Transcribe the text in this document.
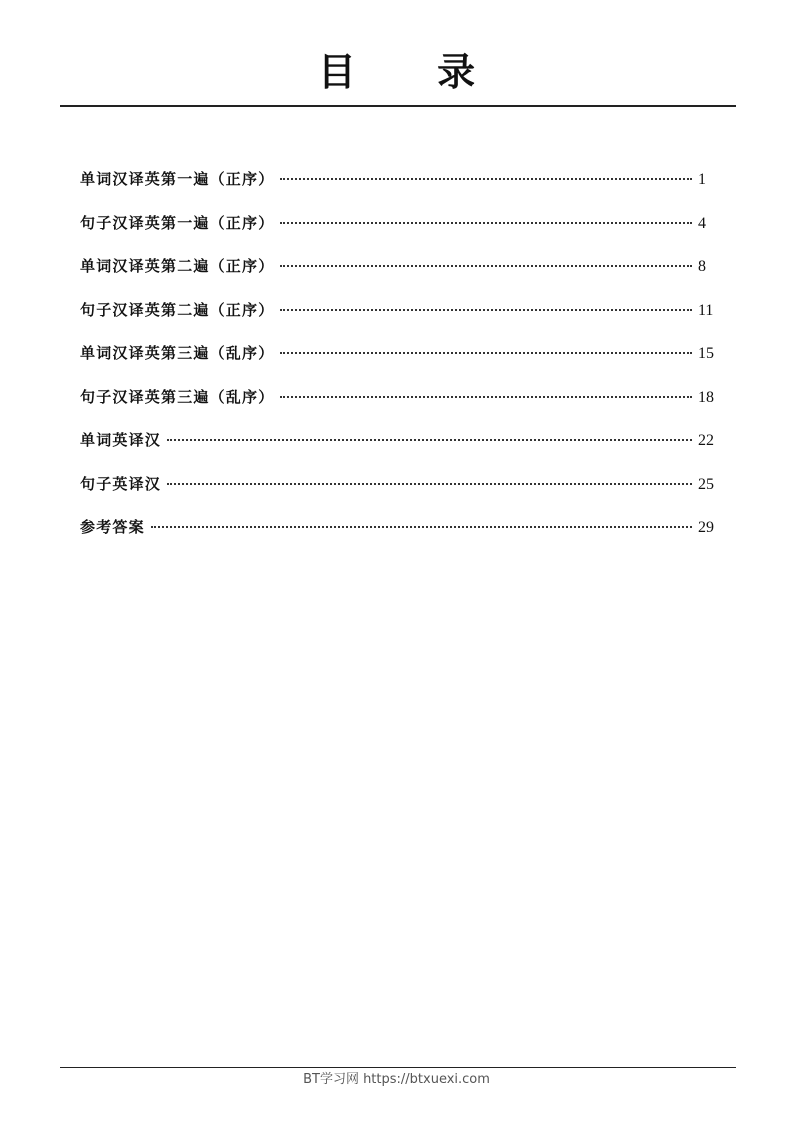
目 录
单词汉译英第一遍（正序）	1
句子汉译英第一遍（正序）	4
单词汉译英第二遍（正序）	8
句子汉译英第二遍（正序）	11
单词汉译英第三遍（乱序）	15
句子汉译英第三遍（乱序）	18
单词英译汉	22
句子英译汉	25
参考答案	29
BT学习网 https://btxuexi.com
